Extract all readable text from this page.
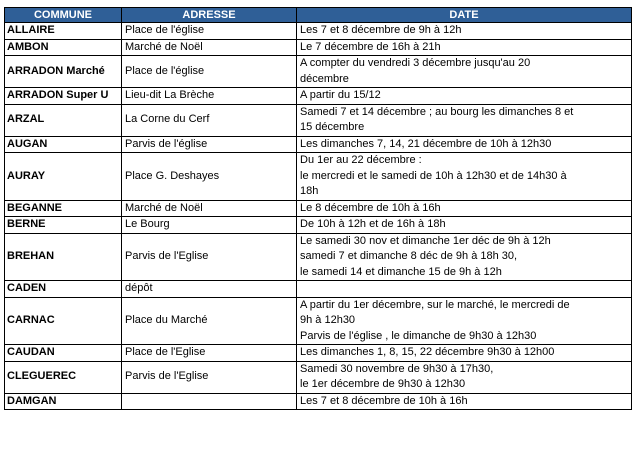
COMMUNE	ADRESSE	DATE
ALLAIRE	Place de l'église	Les 7 et 8 décembre de 9h à 12h
AMBON	Marché de Noël	Le 7 décembre de 16h à 21h
ARRADON Marché	Place de l'église	A compter du vendredi 3 décembre jusqu'au 20
décembre
ARRADON Super U	Lieu-dit La Brèche	A partir du 15/12
ARZAL	La Corne du Cerf	Samedi 7 et 14 décembre ; au bourg les dimanches 8 et
15 décembre
AUGAN	Parvis de l'église	Les dimanches 7, 14, 21 décembre de 10h à 12h30
AURAY	Place G. Deshayes	Du 1er au 22 décembre :
le mercredi et le samedi de 10h à 12h30 et de 14h30 à
18h
BEGANNE	Marché de Noël	Le 8 décembre de 10h à 16h
BERNE	Le Bourg	De 10h à 12h et de 16h à 18h
BREHAN	Parvis de l'Eglise	Le samedi 30 nov et dimanche 1er déc de 9h à 12h
samedi 7 et dimanche 8 déc de 9h à 18h 30,
le samedi 14 et dimanche 15 de 9h à 12h
CADEN	dépôt	
CARNAC	Place du Marché	A partir du 1er décembre, sur le marché, le mercredi de
9h à 12h30
Parvis de l'église , le dimanche de 9h30 à 12h30
CAUDAN	Place de l'Eglise	Les dimanches 1, 8, 15, 22 décembre 9h30 à 12h00
CLEGUEREC	Parvis de l'Eglise	Samedi 30 novembre de 9h30 à 17h30,
le 1er décembre de 9h30 à 12h30
DAMGAN		Les 7 et 8 décembre de 10h à 16h
